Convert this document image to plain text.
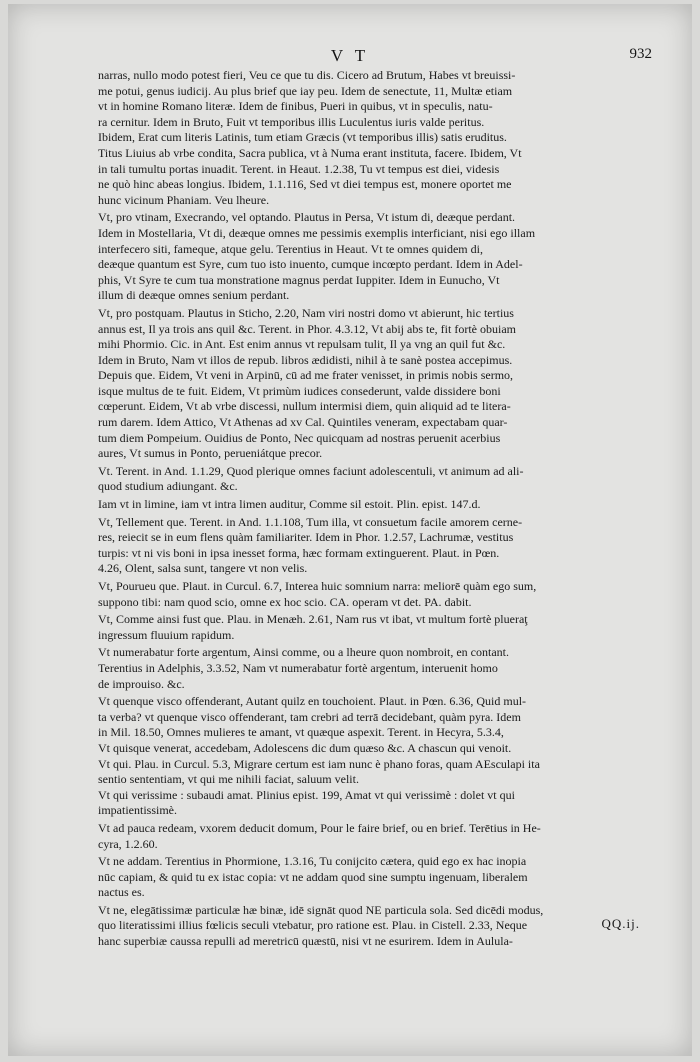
V T	932
narras, nullo modo potest fieri, Veu ce que tu dis. Cicero ad Brutum, Habes vt breuissi-
me potui, genus iudicij. Au plus brief que iay peu. Idem de senectute, 11, Multæ etiam
vt in homine Romano literæ. Idem de finibus, Pueri in quibus, vt in speculis, natu-
ra cernitur. Idem in Bruto, Fuit vt temporibus illis Luculentus iuris valde peritus.
Ibidem, Erat cum literis Latinis, tum etiam Græcis (vt temporibus illis) satis eruditus.
Titus Liuius ab vrbe condita, Sacra publica, vt à Numa erant instituta, facere. Ibidem, Vt
in tali tumultu portas inuadit. Terent. in Heaut. 1.2.38, Tu vt tempus est diei, videsis
ne quò hinc abeas longius. Ibidem, 1.1.116, Sed vt diei tempus est, monere oportet me
hunc vicinum Phaniam. Veu lheure.
Vt, pro vtinam, Execrando, vel optando. Plautus in Persa, Vt istum di, deæque perdant.
Idem in Mostellaria, Vt di, deæque omnes me pessimis exemplis interficiant, nisi ego illam
interfecero siti, fameque, atque gelu. Terentius in Heaut. Vt te omnes quidem di,
deæque quantum est Syre, cum tuo isto inuento, cumque incœpto perdant. Idem in Adel-
phis, Vt Syre te cum tua monstratione magnus perdat Iuppiter. Idem in Eunucho, Vt
illum di deæque omnes senium perdant.
Vt, pro postquam. Plautus in Sticho, 2.20, Nam viri nostri domo vt abierunt, hic tertius
annus est, Il ya trois ans quil &c. Terent. in Phor. 4.3.12, Vt abij abs te, fit fortè obuiam
mihi Phormio. Cic. in Ant. Est enim annus vt repulsam tulit, Il ya vng an quil fut &c.
Idem in Bruto, Nam vt illos de repub. libros ædidisti, nihil à te sanè postea accepimus.
Depuis que. Eidem, Vt veni in Arpinū, cū ad me frater venisset, in primis nobis sermo,
isque multus de te fuit. Eidem, Vt primùm iudices consederunt, valde dissidere boni
cœperunt. Eidem, Vt ab vrbe discessi, nullum intermisi diem, quin aliquid ad te litera-
rum darem. Idem Attico, Vt Athenas ad xv Cal. Quintiles veneram, expectabam quar-
tum diem Pompeium. Ouidius de Ponto, Nec quicquam ad nostras peruenit acerbius
aures, Vt sumus in Ponto, perueniátque precor.
Vt. Terent. in And. 1.1.29, Quod plerique omnes faciunt adolescentuli, vt animum ad ali-
quod studium adiungant. &c.
Iam vt in limine, iam vt intra limen auditur, Comme sil estoit. Plin. epist. 147.d.
Vt, Tellement que. Terent. in And. 1.1.108, Tum illa, vt consuetum facile amorem cerne-
res, reiecit se in eum flens quàm familiariter. Idem in Phor. 1.2.57, Lachrumæ, vestitus
turpis: vt ni vis boni in ipsa inesset forma, hæc formam extinguerent. Plaut. in Pœn.
4.26, Olent, salsa sunt, tangere vt non velis.
Vt, Pourueu que. Plaut. in Curcul. 6.7, Interea huic somnium narra: meliorē quàm ego sum,
suppono tibi: nam quod scio, omne ex hoc scio. CA. operam vt det. PA. dabit.
Vt, Comme ainsi fust que. Plau. in Menæh. 2.61, Nam rus vt ibat, vt multum fortè plueraţ
ingressum fluuium rapidum.
Vt numerabatur forte argentum, Ainsi comme, ou a lheure quon nombroit, en contant.
Terentius in Adelphis, 3.3.52, Nam vt numerabatur fortè argentum, interuenit homo
de improuiso. &c.
Vt quenque visco offenderant, Autant quilz en touchoient. Plaut. in Pœn. 6.36, Quid mul-
ta verba? vt quenque visco offenderant, tam crebri ad terrā decidebant, quàm pyra. Idem
in Mil. 18.50, Omnes mulieres te amant, vt quæque aspexit. Terent. in Hecyra, 5.3.4,
Vt quisque venerat, accedebam, Adolescens dic dum quæso &c. A chascun qui venoit.
Vt qui. Plau. in Curcul. 5.3, Migrare certum est iam nunc è phano foras, quam AEsculapi ita
sentio sententiam, vt qui me nihili faciat, saluum velit.
Vt qui verissime : subaudi amat. Plinius epist. 199, Amat vt qui verissimè : dolet vt qui
impatientissimè.
Vt ad pauca redeam, vxorem deducit domum, Pour le faire brief, ou en brief. Terētius in He-
cyra, 1.2.60.
Vt ne addam. Terentius in Phormione, 1.3.16, Tu conijcito cætera, quid ego ex hac inopia
nūc capiam, & quid tu ex istac copia: vt ne addam quod sine sumptu ingenuam, liberalem
nactus es.
Vt ne, elegātissimæ particulæ hæ binæ, idē signāt quod NE particula sola. Sed dicēdi modus,
quo literatissimi illius fœlicis seculi vtebatur, pro ratione est. Plau. in Cistell. 2.33, Neque
hanc superbiæ caussa repulli ad meretricū quæstū, nisi vt ne esurirem. Idem in Aulula-
QQ.ij.
